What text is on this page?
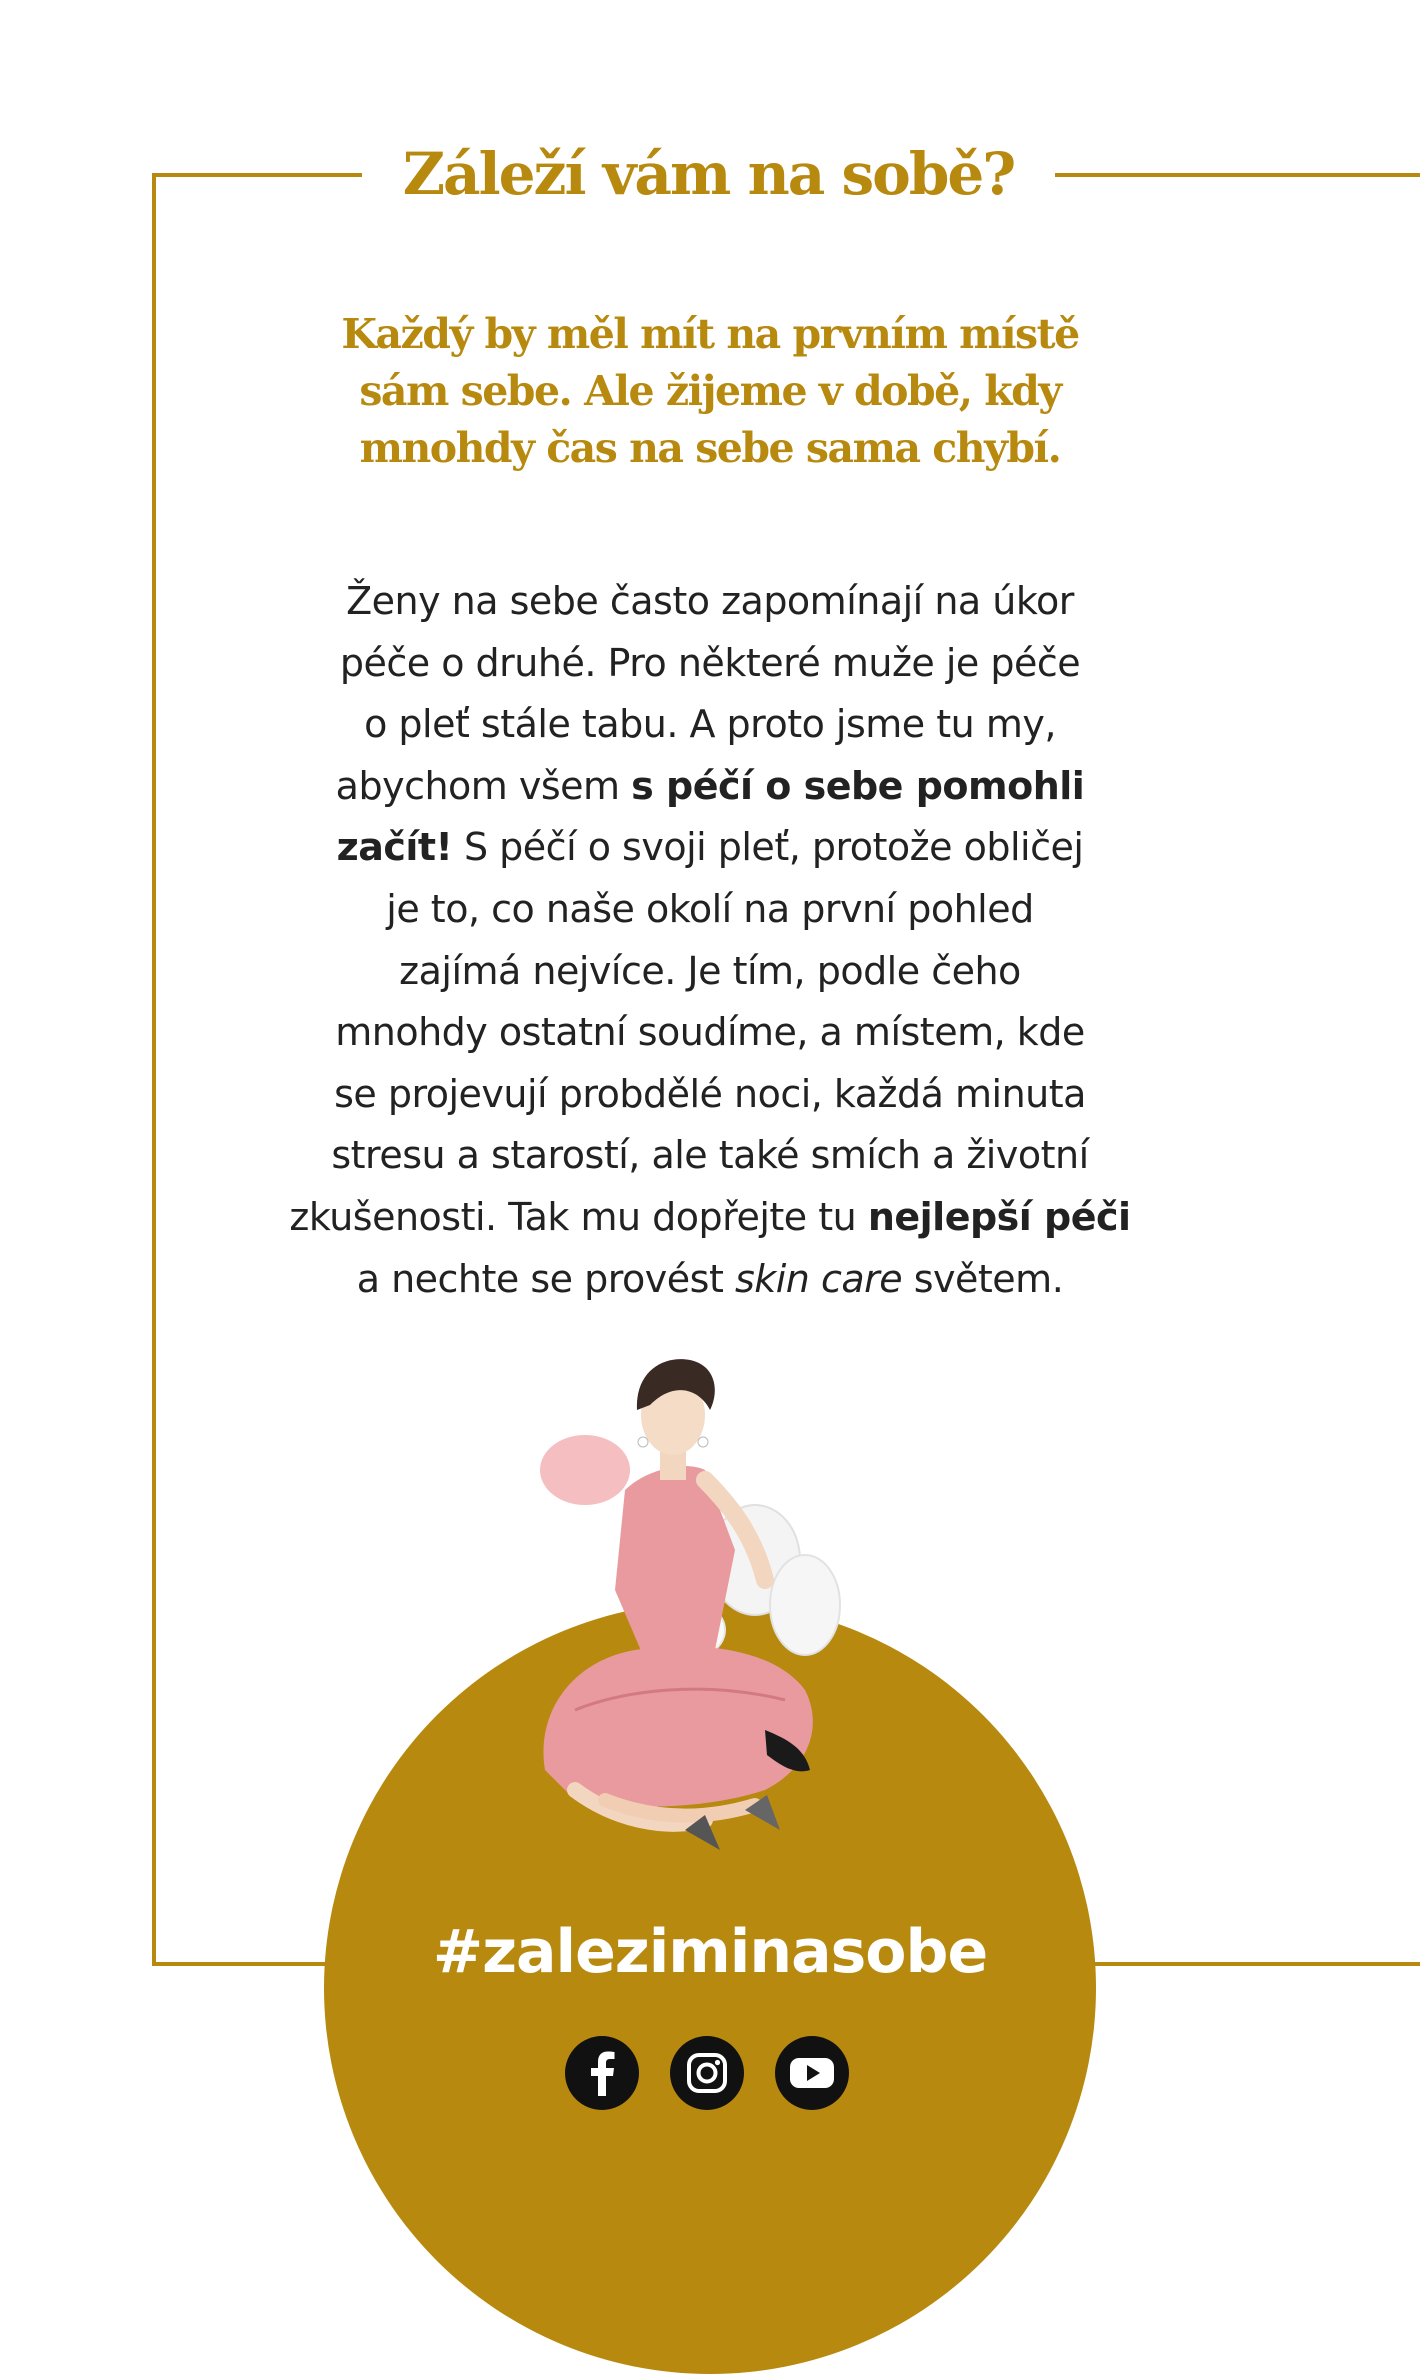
Záleží vám na sobě?
Každý by měl mít na prvním místě
sám sebe. Ale žijeme v době, kdy
mnohdy čas na sebe sama chybí.
Ženy na sebe často zapomínají na úkor
péče o druhé. Pro některé muže je péče
o pleť stále tabu. A proto jsme tu my,
abychom všem s péčí o sebe pomohli
začít! S péčí o svoji pleť, protože obličej
je to, co naše okolí na první pohled
zajímá nejvíce. Je tím, podle čeho
mnohdy ostatní soudíme, a místem, kde
se projevují probdělé noci, každá minuta
stresu a starostí, ale také smích a životní
zkušenosti. Tak mu dopřejte tu nejlepší péči
a nechte se provést skin care světem.
#zaleziminasobe
